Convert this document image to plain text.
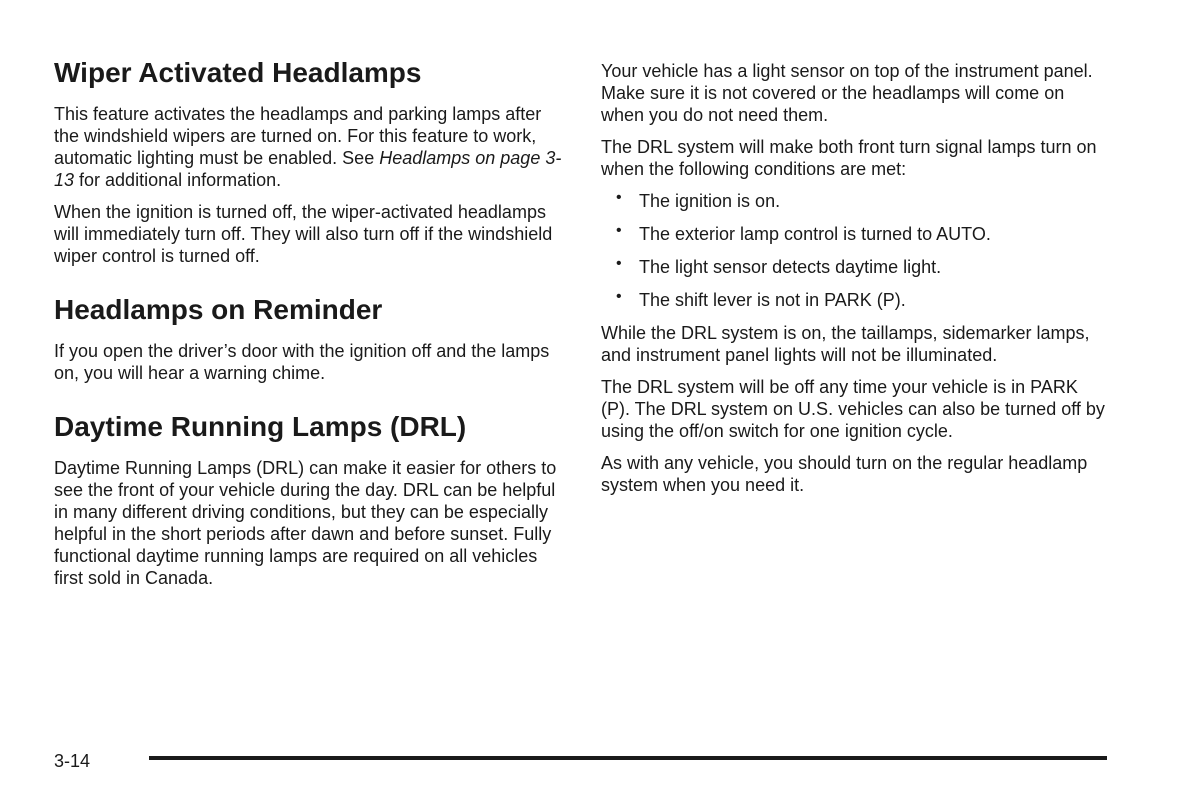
Wiper Activated Headlamps

This feature activates the headlamps and parking lamps after the windshield wipers are turned on. For this feature to work, automatic lighting must be enabled. See Headlamps on page 3-13 for additional information.

When the ignition is turned off, the wiper-activated headlamps will immediately turn off. They will also turn off if the windshield wiper control is turned off.

Headlamps on Reminder

If you open the driver’s door with the ignition off and the lamps on, you will hear a warning chime.

Daytime Running Lamps (DRL)

Daytime Running Lamps (DRL) can make it easier for others to see the front of your vehicle during the day. DRL can be helpful in many different driving conditions, but they can be especially helpful in the short periods after dawn and before sunset. Fully functional daytime running lamps are required on all vehicles first sold in Canada.

Your vehicle has a light sensor on top of the instrument panel. Make sure it is not covered or the headlamps will come on when you do not need them.

The DRL system will make both front turn signal lamps turn on when the following conditions are met:

• The ignition is on.
• The exterior lamp control is turned to AUTO.
• The light sensor detects daytime light.
• The shift lever is not in PARK (P).

While the DRL system is on, the taillamps, sidemarker lamps, and instrument panel lights will not be illuminated.

The DRL system will be off any time your vehicle is in PARK (P). The DRL system on U.S. vehicles can also be turned off by using the off/on switch for one ignition cycle.

As with any vehicle, you should turn on the regular headlamp system when you need it.

3-14
